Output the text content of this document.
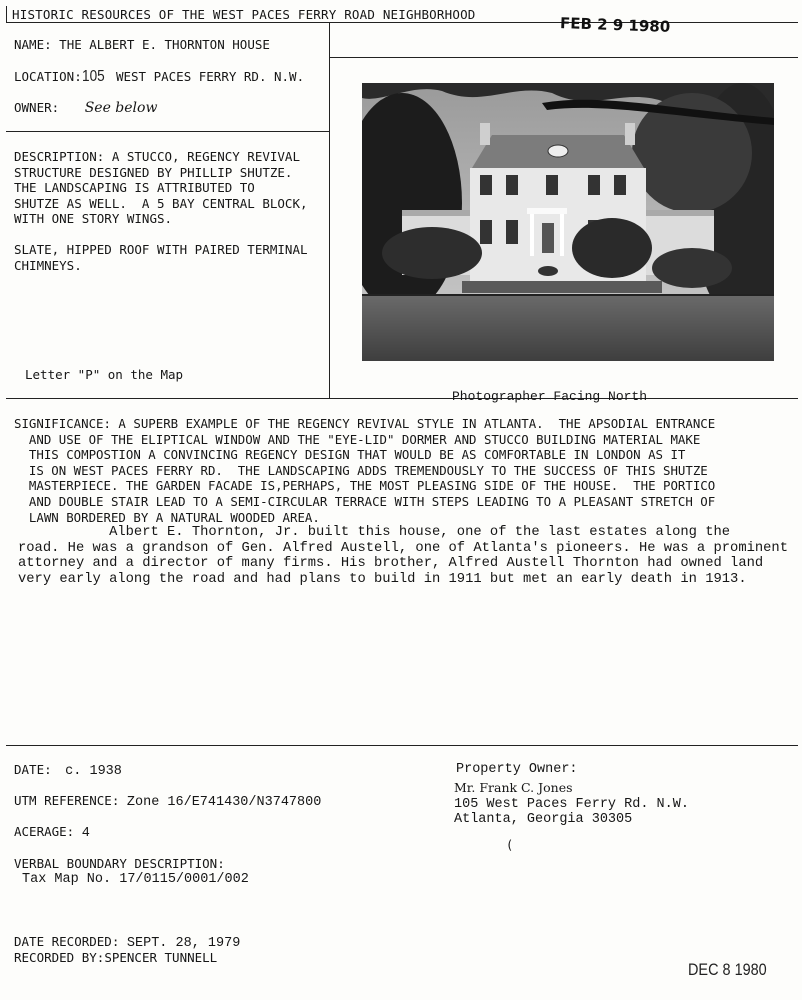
HISTORIC RESOURCES OF THE WEST PACES FERRY ROAD NEIGHBORHOOD	FEB 2 9 1980
NAME: THE ALBERT E. THORNTON HOUSE
LOCATION:105 WEST PACES FERRY RD. N.W.
OWNER: See below
DESCRIPTION: A STUCCO, REGENCY REVIVAL
STRUCTURE DESIGNED BY PHILLIP SHUTZE.
THE LANDSCAPING IS ATTRIBUTED TO
SHUTZE AS WELL.  A 5 BAY CENTRAL BLOCK,
WITH ONE STORY WINGS.

SLATE, HIPPED ROOF WITH PAIRED TERMINAL
CHIMNEYS.
Letter "P" on the Map
Photographer Facing North
SIGNIFICANCE: A SUPERB EXAMPLE OF THE REGENCY REVIVAL STYLE IN ATLANTA.  THE APSODIAL ENTRANCE
AND USE OF THE ELIPTICAL WINDOW AND THE "EYE-LID" DORMER AND STUCCO BUILDING MATERIAL MAKE
THIS COMPOSTION A CONVINCING REGENCY DESIGN THAT WOULD BE AS COMFORTABLE IN LONDON AS IT
IS ON WEST PACES FERRY RD.  THE LANDSCAPING ADDS TREMENDOUSLY TO THE SUCCESS OF THIS SHUTZE
MASTERPIECE. THE GARDEN FACADE IS,PERHAPS, THE MOST PLEASING SIDE OF THE HOUSE.  THE PORTICO
AND DOUBLE STAIR LEAD TO A SEMI-CIRCULAR TERRACE WITH STEPS LEADING TO A PLEASANT STRETCH OF
LAWN BORDERED BY A NATURAL WOODED AREA.
Albert E. Thornton, Jr. built this house, one of the last estates along the
road. He was a grandson of Gen. Alfred Austell, one of Atlanta's pioneers. He was a prominent
attorney and a director of many firms. His brother, Alfred Austell Thornton had owned land
very early along the road and had plans to build in 1911 but met an early death in 1913.
DATE: c. 1938
UTM REFERENCE: Zone 16/E741430/N3747800
ACERAGE: 4
VERBAL BOUNDARY DESCRIPTION:
Tax Map No. 17/0115/0001/002
DATE RECORDED: SEPT. 28, 1979
RECORDED BY:SPENCER TUNNELL
Property Owner:
Mr. Frank C. Jones
105 West Paces Ferry Rd. N.W.
Atlanta, Georgia 30305
(
DEC 8 1980
